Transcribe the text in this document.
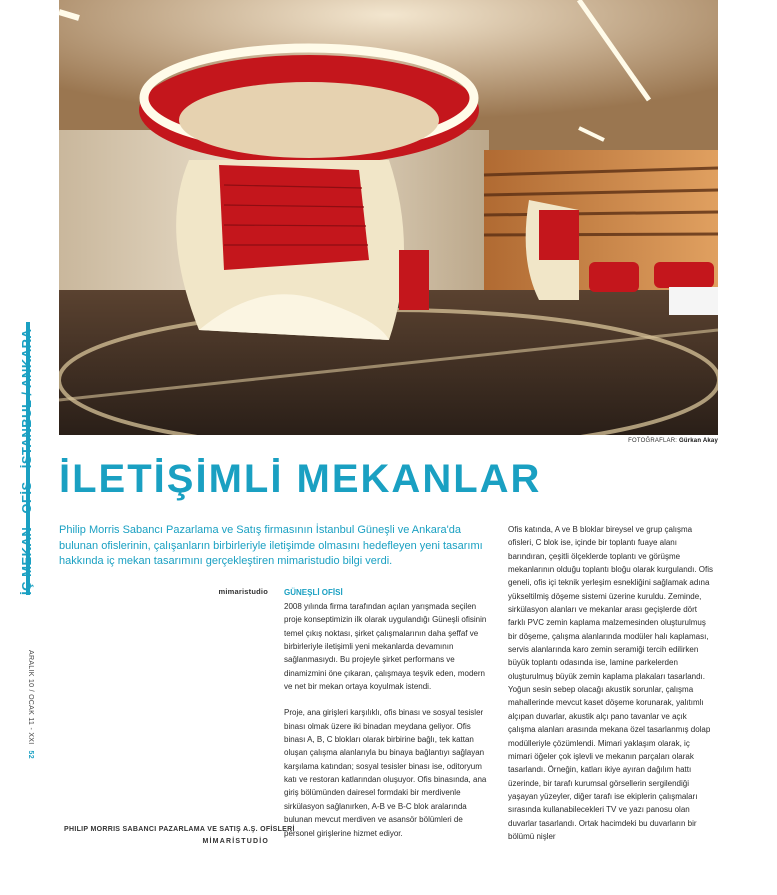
FOTOĞRAFLAR: Gürkan Akay
İÇ MEKAN - OFİS - İSTANBUL / ANKARA
ARALIK 10 / OCAK 11 - XXI52
İLETİŞİMLİ MEKANLAR

Philip Morris Sabancı Pazarlama ve Satış firmasının İstanbul Güneşli ve Ankara'da bulunan ofislerinin, çalışanların birbirleriyle iletişimde olmasını hedefleyen yeni tasarımı hakkında iç mekan tasarımını gerçekleştiren mimaristudio bilgi verdi.

mimaristudio GÜNEŞLİ OFİSİ

2008 yılında firma tarafından açılan yarışmada seçilen proje konseptimizin ilk olarak uygulandığı Güneşli ofisinin temel çıkış noktası, şirket çalışmalarının daha şeffaf ve birbirleriyle iletişimli yeni mekanlarda devamının sağlanmasıydı. Bu projeyle şirket performans ve dinamizmini öne çıkaran, çalışmaya teşvik eden, modern ve net bir mekan ortaya koyulmak istendi.

Proje, ana girişleri karşılıklı, ofis binası ve sosyal tesisler binası olmak üzere iki binadan meydana geliyor. Ofis binası A, B, C blokları olarak birbirine bağlı, tek kattan oluşan çalışma alanlarıyla bu binaya bağlantıyı sağlayan karşılama katından; sosyal tesisler binası ise, oditoryum katı ve restoran katlarından oluşuyor. Ofis binasında, ana giriş bölümünden dairesel formdaki bir merdivenle sirkülasyon sağlanırken, A-B ve B-C blok aralarında bulunan mevcut merdiven ve asansör bölümleri de personel girişlerine hizmet ediyor.

Ofis katında, A ve B bloklar bireysel ve grup çalışma ofisleri, C blok ise, içinde bir toplantı fuaye alanı barındıran, çeşitli ölçeklerde toplantı ve görüşme mekanlarının olduğu toplantı bloğu olarak kurgulandı. Ofis geneli, ofis içi teknik yerleşim esnekliğini sağlamak adına yükseltilmiş döşeme sistemi üzerine kuruldu. Zeminde, sirkülasyon alanları ve mekanlar arası geçişlerde dört farklı PVC zemin kaplama malzemesinden oluşturulmuş bir döşeme, çalışma alanlarında modüler halı kaplaması, servis alanlarında karo zemin seramiği tercih edilirken büyük toplantı odasında ise, lamine parkelerden oluşturulmuş büyük zemin kaplama plakaları tasarlandı. Yoğun sesin sebep olacağı akustik sorunlar, çalışma mahallerinde mevcut kaset döşeme korunarak, yalıtımlı alçıpan duvarlar, akustik alçı pano tavanlar ve açık çalışma alanları arasında mekana özel tasarlanmış dolap modülleriyle çözümlendi. Mimari yaklaşım olarak, iç mimari öğeler çok işlevli ve mekanın parçaları olarak tasarlandı. Örneğin, katları ikiye ayıran dağılım hattı üzerinde, bir tarafı kurumsal görsellerin sergilendiği yaşayan yüzeyler, diğer tarafı ise ekiplerin çalışmaları sırasında kullanabilecekleri TV ve yazı panosu olan duvarlar tasarlandı. Ortak hacimdeki bu duvarların bir bölümü nişler

PHILIP MORRIS SABANCI PAZARLAMA VE SATIŞ A.Ş. OFİSLERİ
MİMARİSTUDİO
